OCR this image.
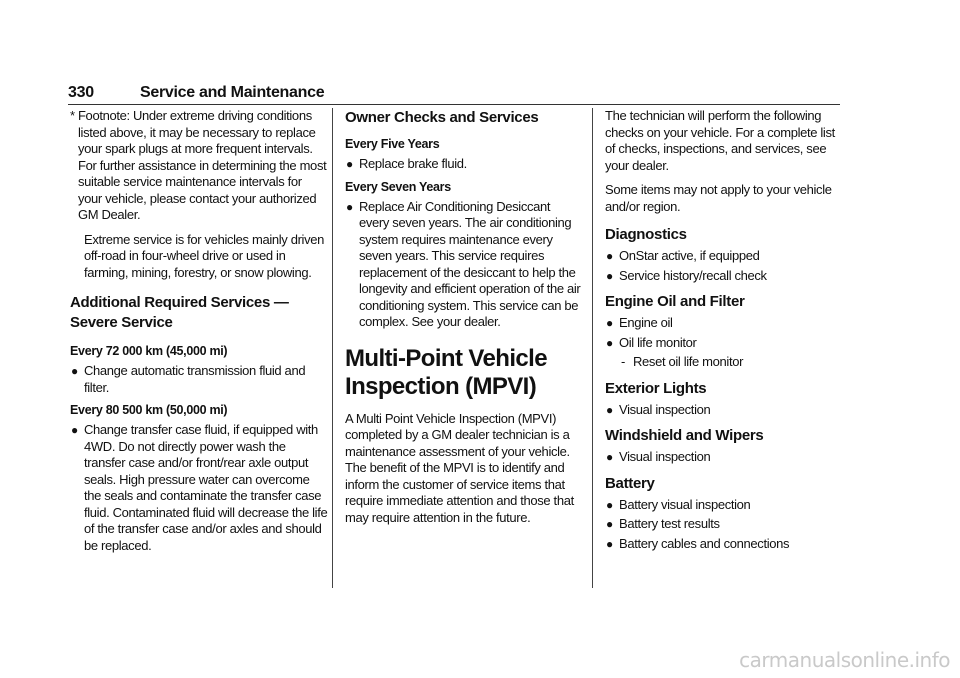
330	Service and Maintenance

* Footnote: Under extreme driving conditions listed above, it may be necessary to replace your spark plugs at more frequent intervals. For further assistance in determining the most suitable service maintenance intervals for your vehicle, please contact your authorized GM Dealer.

Extreme service is for vehicles mainly driven off-road in four-wheel drive or used in farming, mining, forestry, or snow plowing.

Additional Required Services — Severe Service

Every 72 000 km (45,000 mi)

● Change automatic transmission fluid and filter.

Every 80 500 km (50,000 mi)

● Change transfer case fluid, if equipped with 4WD. Do not directly power wash the transfer case and/or front/rear axle output seals. High pressure water can overcome the seals and contaminate the transfer case fluid. Contaminated fluid will decrease the life of the transfer case and/or axles and should be replaced.

Owner Checks and Services

Every Five Years

● Replace brake fluid.

Every Seven Years

● Replace Air Conditioning Desiccant every seven years. The air conditioning system requires maintenance every seven years. This service requires replacement of the desiccant to help the longevity and efficient operation of the air conditioning system. This service can be complex. See your dealer.

Multi-Point Vehicle Inspection (MPVI)

A Multi Point Vehicle Inspection (MPVI) completed by a GM dealer technician is a maintenance assessment of your vehicle. The benefit of the MPVI is to identify and inform the customer of service items that require immediate attention and those that may require attention in the future.

The technician will perform the following checks on your vehicle. For a complete list of checks, inspections, and services, see your dealer.

Some items may not apply to your vehicle and/or region.

Diagnostics

● OnStar active, if equipped
● Service history/recall check

Engine Oil and Filter

● Engine oil
● Oil life monitor
- Reset oil life monitor

Exterior Lights

● Visual inspection

Windshield and Wipers

● Visual inspection

Battery

● Battery visual inspection
● Battery test results
● Battery cables and connections
carmanualsonline.info
